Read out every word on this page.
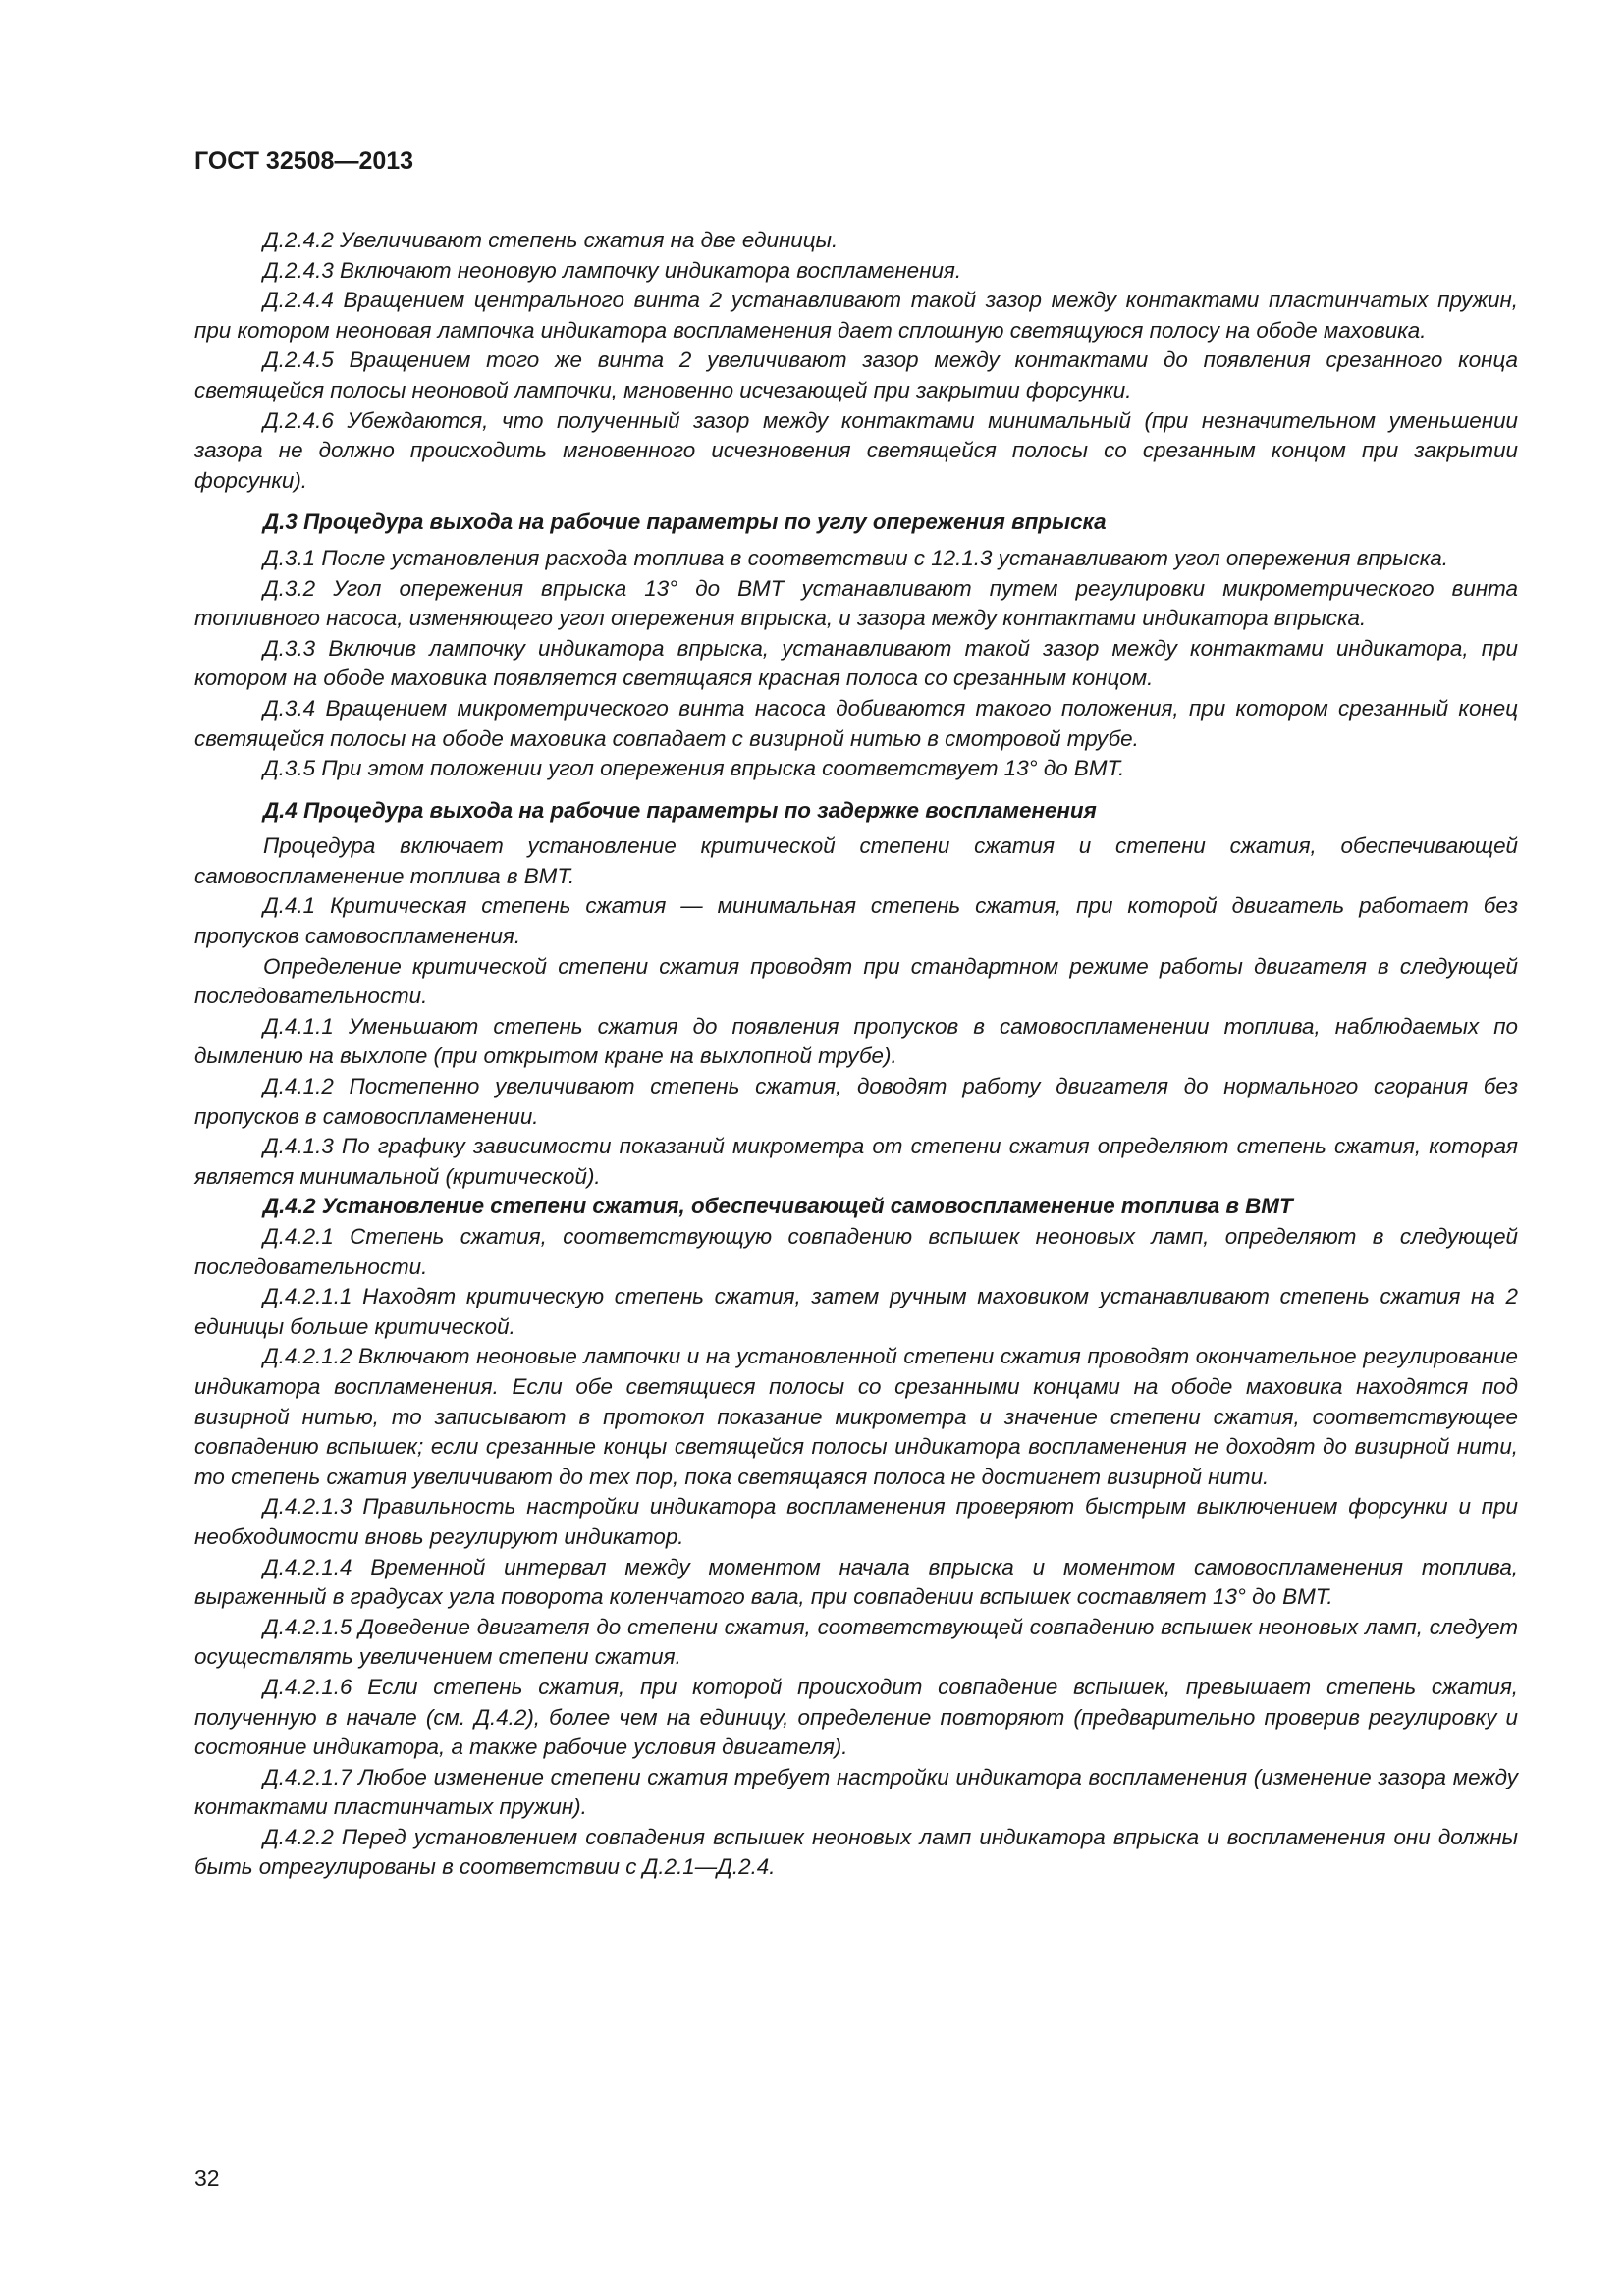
ГОСТ 32508—2013

Д.2.4.2 Увеличивают степень сжатия на две единицы.

Д.2.4.3 Включают неоновую лампочку индикатора воспламенения.

Д.2.4.4 Вращением центрального винта 2 устанавливают такой зазор между контактами пластинчатых пружин, при котором неоновая лампочка индикатора воспламенения дает сплошную светящуюся полосу на ободе маховика.

Д.2.4.5 Вращением того же винта 2 увеличивают зазор между контактами до появления срезанного конца светящейся полосы неоновой лампочки, мгновенно исчезающей при закрытии форсунки.

Д.2.4.6 Убеждаются, что полученный зазор между контактами минимальный (при незначительном уменьшении зазора не должно происходить мгновенного исчезновения светящейся полосы со срезанным концом при закрытии форсунки).

Д.3 Процедура выхода на рабочие параметры по углу опережения впрыска

Д.3.1 После установления расхода топлива в соответствии с 12.1.3 устанавливают угол опережения впрыска.

Д.3.2 Угол опережения впрыска 13° до ВМТ устанавливают путем регулировки микрометрического винта топливного насоса, изменяющего угол опережения впрыска, и зазора между контактами индикатора впрыска.

Д.3.3 Включив лампочку индикатора впрыска, устанавливают такой зазор между контактами индикатора, при котором на ободе маховика появляется светящаяся красная полоса со срезанным концом.

Д.3.4 Вращением микрометрического винта насоса добиваются такого положения, при котором срезанный конец светящейся полосы на ободе маховика совпадает с визирной нитью в смотровой трубе.

Д.3.5 При этом положении угол опережения впрыска соответствует 13° до ВМТ.

Д.4 Процедура выхода на рабочие параметры по задержке воспламенения

Процедура включает установление критической степени сжатия и степени сжатия, обеспечивающей самовоспламенение топлива в ВМТ.

Д.4.1 Критическая степень сжатия — минимальная степень сжатия, при которой двигатель работает без пропусков самовоспламенения.

Определение критической степени сжатия проводят при стандартном режиме работы двигателя в следующей последовательности.

Д.4.1.1 Уменьшают степень сжатия до появления пропусков в самовоспламенении топлива, наблюдаемых по дымлению на выхлопе (при открытом кране на выхлопной трубе).

Д.4.1.2 Постепенно увеличивают степень сжатия, доводят работу двигателя до нормального сгорания без пропусков в самовоспламенении.

Д.4.1.3 По графику зависимости показаний микрометра от степени сжатия определяют степень сжатия, которая является минимальной (критической).

Д.4.2 Установление степени сжатия, обеспечивающей самовоспламенение топлива в ВМТ

Д.4.2.1 Степень сжатия, соответствующую совпадению вспышек неоновых ламп, определяют в следующей последовательности.

Д.4.2.1.1 Находят критическую степень сжатия, затем ручным маховиком устанавливают степень сжатия на 2 единицы больше критической.

Д.4.2.1.2 Включают неоновые лампочки и на установленной степени сжатия проводят окончательное регулирование индикатора воспламенения. Если обе светящиеся полосы со срезанными концами на ободе маховика находятся под визирной нитью, то записывают в протокол показание микрометра и значение степени сжатия, соответствующее совпадению вспышек; если срезанные концы светящейся полосы индикатора воспламенения не доходят до визирной нити, то степень сжатия увеличивают до тех пор, пока светящаяся полоса не достигнет визирной нити.

Д.4.2.1.3 Правильность настройки индикатора воспламенения проверяют быстрым выключением форсунки и при необходимости вновь регулируют индикатор.

Д.4.2.1.4 Временной интервал между моментом начала впрыска и моментом самовоспламенения топлива, выраженный в градусах угла поворота коленчатого вала, при совпадении вспышек составляет 13° до ВМТ.

Д.4.2.1.5 Доведение двигателя до степени сжатия, соответствующей совпадению вспышек неоновых ламп, следует осуществлять увеличением степени сжатия.

Д.4.2.1.6 Если степень сжатия, при которой происходит совпадение вспышек, превышает степень сжатия, полученную в начале (см. Д.4.2), более чем на единицу, определение повторяют (предварительно проверив регулировку и состояние индикатора, а также рабочие условия двигателя).

Д.4.2.1.7 Любое изменение степени сжатия требует настройки индикатора воспламенения (изменение зазора между контактами пластинчатых пружин).

Д.4.2.2 Перед установлением совпадения вспышек неоновых ламп индикатора впрыска и воспламенения они должны быть отрегулированы в соответствии с Д.2.1—Д.2.4.

32
